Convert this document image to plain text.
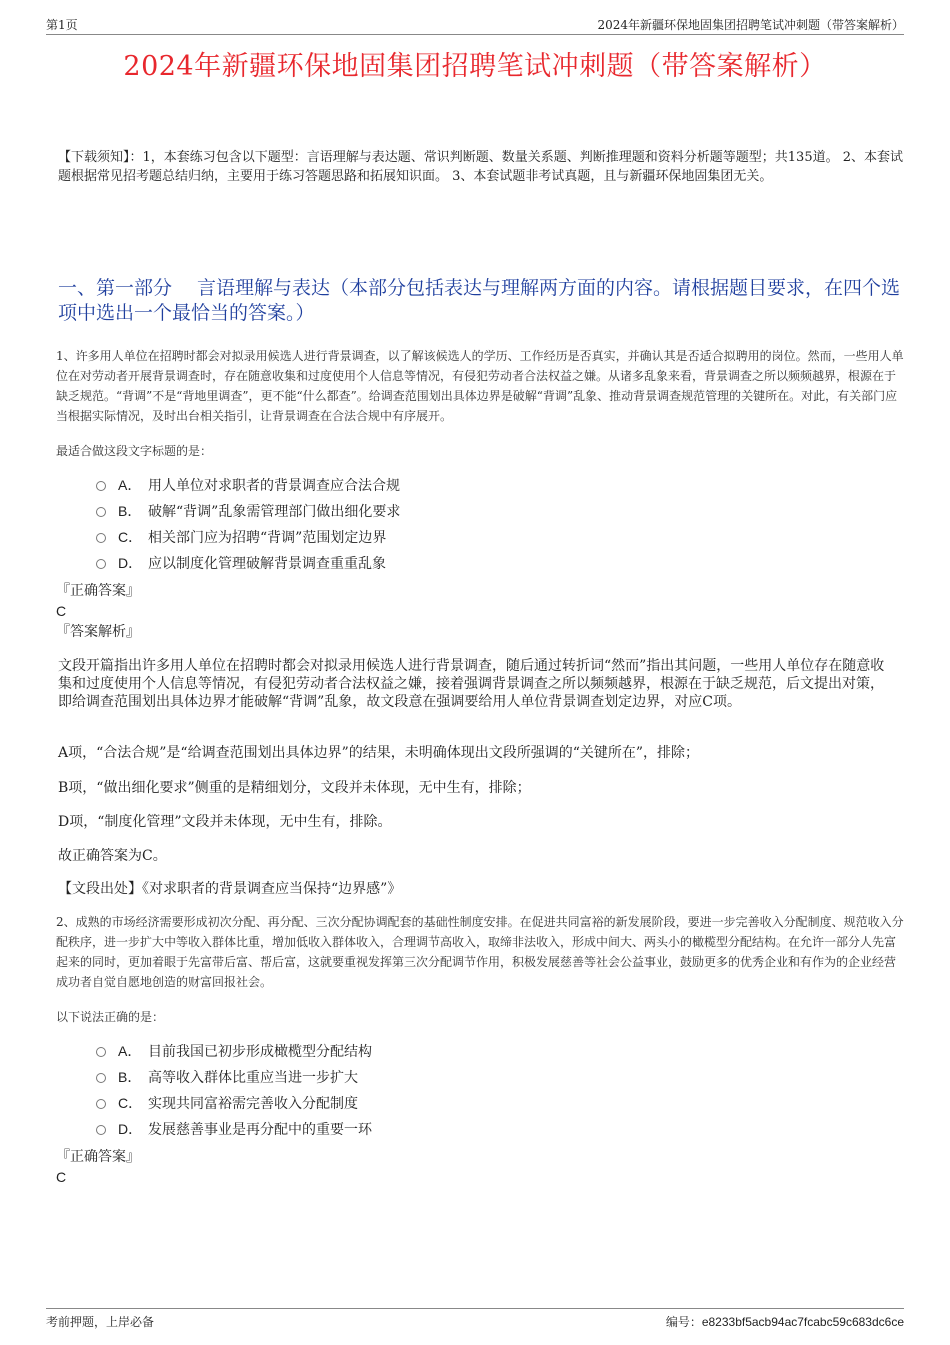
第1页	2024年新疆环保地固集团招聘笔试冲刺题（带答案解析）
2024年新疆环保地固集团招聘笔试冲刺题（带答案解析）
【下载须知】：1，本套练习包含以下题型：言语理解与表达题、常识判断题、数量关系题、判断推理题和资料分析题等题型；共135道。 2、本套试题根据常见招考题总结归纳，主要用于练习答题思路和拓展知识面。 3、本套试题非考试真题，且与新疆环保地固集团无关。
一、第一部分　 言语理解与表达（本部分包括表达与理解两方面的内容。请根据题目要求，在四个选项中选出一个最恰当的答案。）
1、许多用人单位在招聘时都会对拟录用候选人进行背景调查，以了解该候选人的学历、工作经历是否真实，并确认其是否适合拟聘用的岗位。然而，一些用人单位在对劳动者开展背景调查时，存在随意收集和过度使用个人信息等情况，有侵犯劳动者合法权益之嫌。从诸多乱象来看，背景调查之所以频频越界，根源在于缺乏规范。“背调”不是“背地里调查”，更不能“什么都查”。给调查范围划出具体边界是破解“背调”乱象、推动背景调查规范管理的关键所在。对此，有关部门应当根据实际情况，及时出台相关指引，让背景调查在合法合规中有序展开。
最适合做这段文字标题的是：
A． 用人单位对求职者的背景调查应合法合规
B． 破解“背调”乱象需管理部门做出细化要求
C． 相关部门应为招聘“背调”范围划定边界
D． 应以制度化管理破解背景调查重重乱象
『正确答案』
C
『答案解析』
文段开篇指出许多用人单位在招聘时都会对拟录用候选人进行背景调查，随后通过转折词“然而”指出其问题，一些用人单位存在随意收集和过度使用个人信息等情况，有侵犯劳动者合法权益之嫌，接着强调背景调查之所以频频越界，根源在于缺乏规范，后文提出对策，即给调查范围划出具体边界才能破解“背调”乱象，故文段意在强调要给用人单位背景调查划定边界，对应C项。
A项，“合法合规”是“给调查范围划出具体边界”的结果，未明确体现出文段所强调的“关键所在”，排除；
B项，“做出细化要求”侧重的是精细划分，文段并未体现，无中生有，排除；
D项，“制度化管理”文段并未体现，无中生有，排除。
故正确答案为C。
【文段出处】《对求职者的背景调查应当保持“边界感”》
2、成熟的市场经济需要形成初次分配、再分配、三次分配协调配套的基础性制度安排。在促进共同富裕的新发展阶段，要进一步完善收入分配制度、规范收入分配秩序，进一步扩大中等收入群体比重，增加低收入群体收入，合理调节高收入，取缔非法收入，形成中间大、两头小的橄榄型分配结构。在允许一部分人先富起来的同时，更加着眼于先富带后富、帮后富，这就要重视发挥第三次分配调节作用，积极发展慈善等社会公益事业，鼓励更多的优秀企业和有作为的企业经营成功者自觉自愿地创造的财富回报社会。
以下说法正确的是：
A． 目前我国已初步形成橄榄型分配结构
B． 高等收入群体比重应当进一步扩大
C． 实现共同富裕需完善收入分配制度
D． 发展慈善事业是再分配中的重要一环
『正确答案』
C
考前押题，上岸必备	编号：e8233bf5acb94ac7fcabc59c683dc6ce
